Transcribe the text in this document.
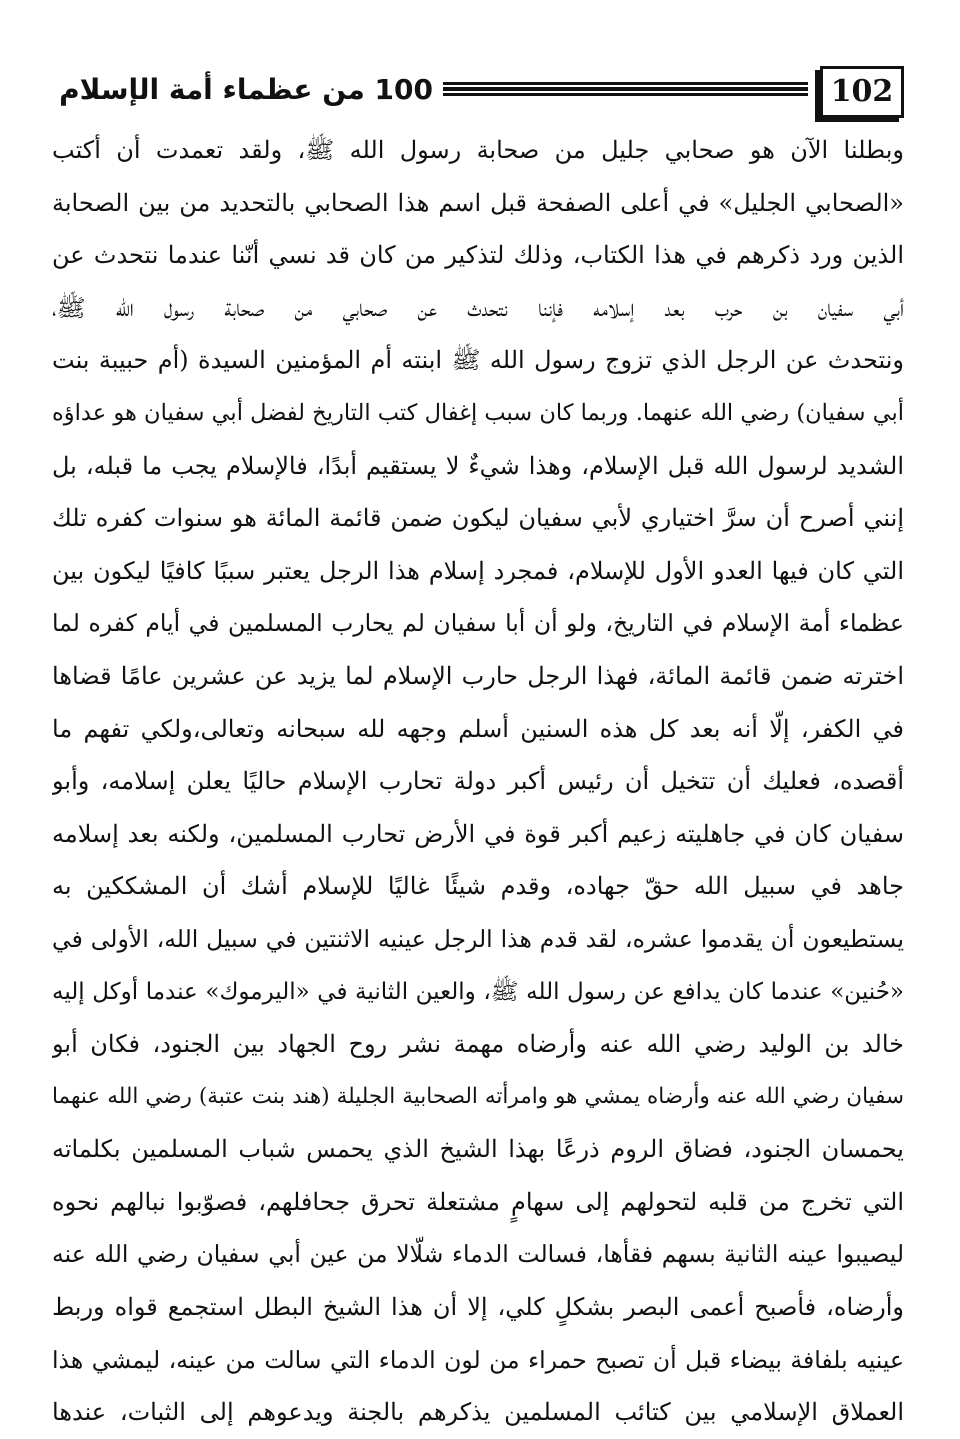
102
100 من عظماء أمة الإسلام
وبطلنا الآن هو صحابي جليل من صحابة رسول الله ﷺ، ولقد تعمدت أن أكتب
«الصحابي الجليل» في أعلى الصفحة قبل اسم هذا الصحابي بالتحديد من بين الصحابة
الذين ورد ذكرهم في هذا الكتاب، وذلك لتذكير من كان قد نسي أنّنا عندما نتحدث عن
أبي سفيان بن حرب بعد إسلامه فإننا نتحدث عن صحابي من صحابة رسول الله ﷺ،
ونتحدث عن الرجل الذي تزوج رسول الله ﷺ ابنته أم المؤمنين السيدة (أم حبيبة بنت
أبي سفيان) رضي الله عنهما. وربما كان سبب إغفال كتب التاريخ لفضل أبي سفيان هو عداؤه
الشديد لرسول الله قبل الإسلام، وهذا شيءٌ لا يستقيم أبدًا، فالإسلام يجب ما قبله، بل
إنني أصرح أن سرَّ اختياري لأبي سفيان ليكون ضمن قائمة المائة هو سنوات كفره تلك
التي كان فيها العدو الأول للإسلام، فمجرد إسلام هذا الرجل يعتبر سببًا كافيًا ليكون بين
عظماء أمة الإسلام في التاريخ، ولو أن أبا سفيان لم يحارب المسلمين في أيام كفره لما
اخترته ضمن قائمة المائة، فهذا الرجل حارب الإسلام لما يزيد عن عشرين عامًا قضاها
في الكفر، إلّا أنه بعد كل هذه السنين أسلم وجهه لله سبحانه وتعالى،ولكي تفهم ما
أقصده، فعليك أن تتخيل أن رئيس أكبر دولة تحارب الإسلام حاليًا يعلن إسلامه، وأبو
سفيان كان في جاهليته زعيم أكبر قوة في الأرض تحارب المسلمين، ولكنه بعد إسلامه
جاهد في سبيل الله حقّ جهاده، وقدم شيئًا غاليًا للإسلام أشك أن المشككين به
يستطيعون أن يقدموا عشره، لقد قدم هذا الرجل عينيه الاثنتين في سبيل الله، الأولى في
«حُنين» عندما كان يدافع عن رسول الله ﷺ، والعين الثانية في «اليرموك» عندما أوكل إليه
خالد بن الوليد رضي الله عنه وأرضاه مهمة نشر روح الجهاد بين الجنود، فكان أبو
سفيان رضي الله عنه وأرضاه يمشي هو وامرأته الصحابية الجليلة (هند بنت عتبة) رضي الله عنهما
يحمسان الجنود، فضاق الروم ذرعًا بهذا الشيخ الذي يحمس شباب المسلمين بكلماته
التي تخرج من قلبه لتحولهم إلى سهامٍ مشتعلة تحرق جحافلهم، فصوّبوا نبالهم نحوه
ليصيبوا عينه الثانية بسهم فقأها، فسالت الدماء شلّالا من عين أبي سفيان رضي الله عنه
وأرضاه، فأصبح أعمى البصر بشكلٍ كلي، إلا أن هذا الشيخ البطل استجمع قواه وربط
عينيه بلفافة بيضاء قبل أن تصبح حمراء من لون الدماء التي سالت من عينه، ليمشي هذا
العملاق الإسلامي بين كتائب المسلمين يذكرهم بالجنة ويدعوهم إلى الثبات، عندها
